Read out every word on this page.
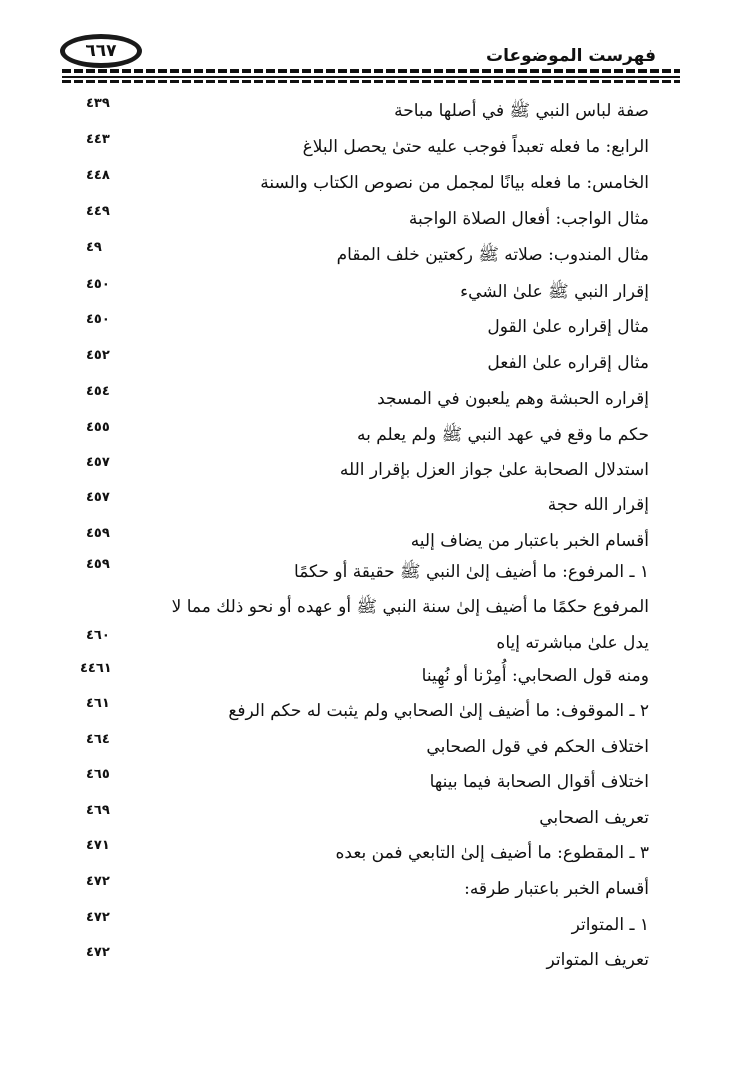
٦٦٧	فهرست الموضوعات
صفة لباس النبي ﷺ في أصلها مباحة
٤٣٩
الرابع: ما فعله تعبداً فوجب عليه حتىٰ يحصل البلاغ
٤٤٣
الخامس: ما فعله بيانًا لمجمل من نصوص الكتاب والسنة
٤٤٨
مثال الواجب: أفعال الصلاة الواجبة
٤٤٩
مثال المندوب: صلاته ﷺ ركعتين خلف المقام
٤٩
إقرار النبي ﷺ علىٰ الشيء
٤٥٠
مثال إقراره علىٰ القول
٤٥٠
مثال إقراره علىٰ الفعل
٤٥٢
إقراره الحبشة وهم يلعبون في المسجد
٤٥٤
حكم ما وقع في عهد النبي ﷺ ولم يعلم به
٤٥٥
استدلال الصحابة علىٰ جواز العزل بإقرار الله
٤٥٧
إقرار الله حجة
٤٥٧
أقسام الخبر باعتبار من يضاف إليه
٤٥٩
١ ـ المرفوع: ما أضيف إلىٰ النبي ﷺ حقيقة أو حكمًا
٤٥٩
المرفوع حكمًا ما أضيف إلىٰ سنة النبي ﷺ أو عهده أو نحو ذلك مما لا
يدل علىٰ مباشرته إياه
٤٦٠
ومنه قول الصحابي: أُمِرْنا أو نُهِينا
٤٤٦١
٢ ـ الموقوف: ما أضيف إلىٰ الصحابي ولم يثبت له حكم الرفع
٤٦١
اختلاف الحكم في قول الصحابي
٤٦٤
اختلاف أقوال الصحابة فيما بينها
٤٦٥
تعريف الصحابي
٤٦٩
٣ ـ المقطوع: ما أضيف إلىٰ التابعي فمن بعده
٤٧١
أقسام الخبر باعتبار طرقه:
٤٧٢
١ ـ المتواتر
٤٧٢
تعريف المتواتر
٤٧٢
